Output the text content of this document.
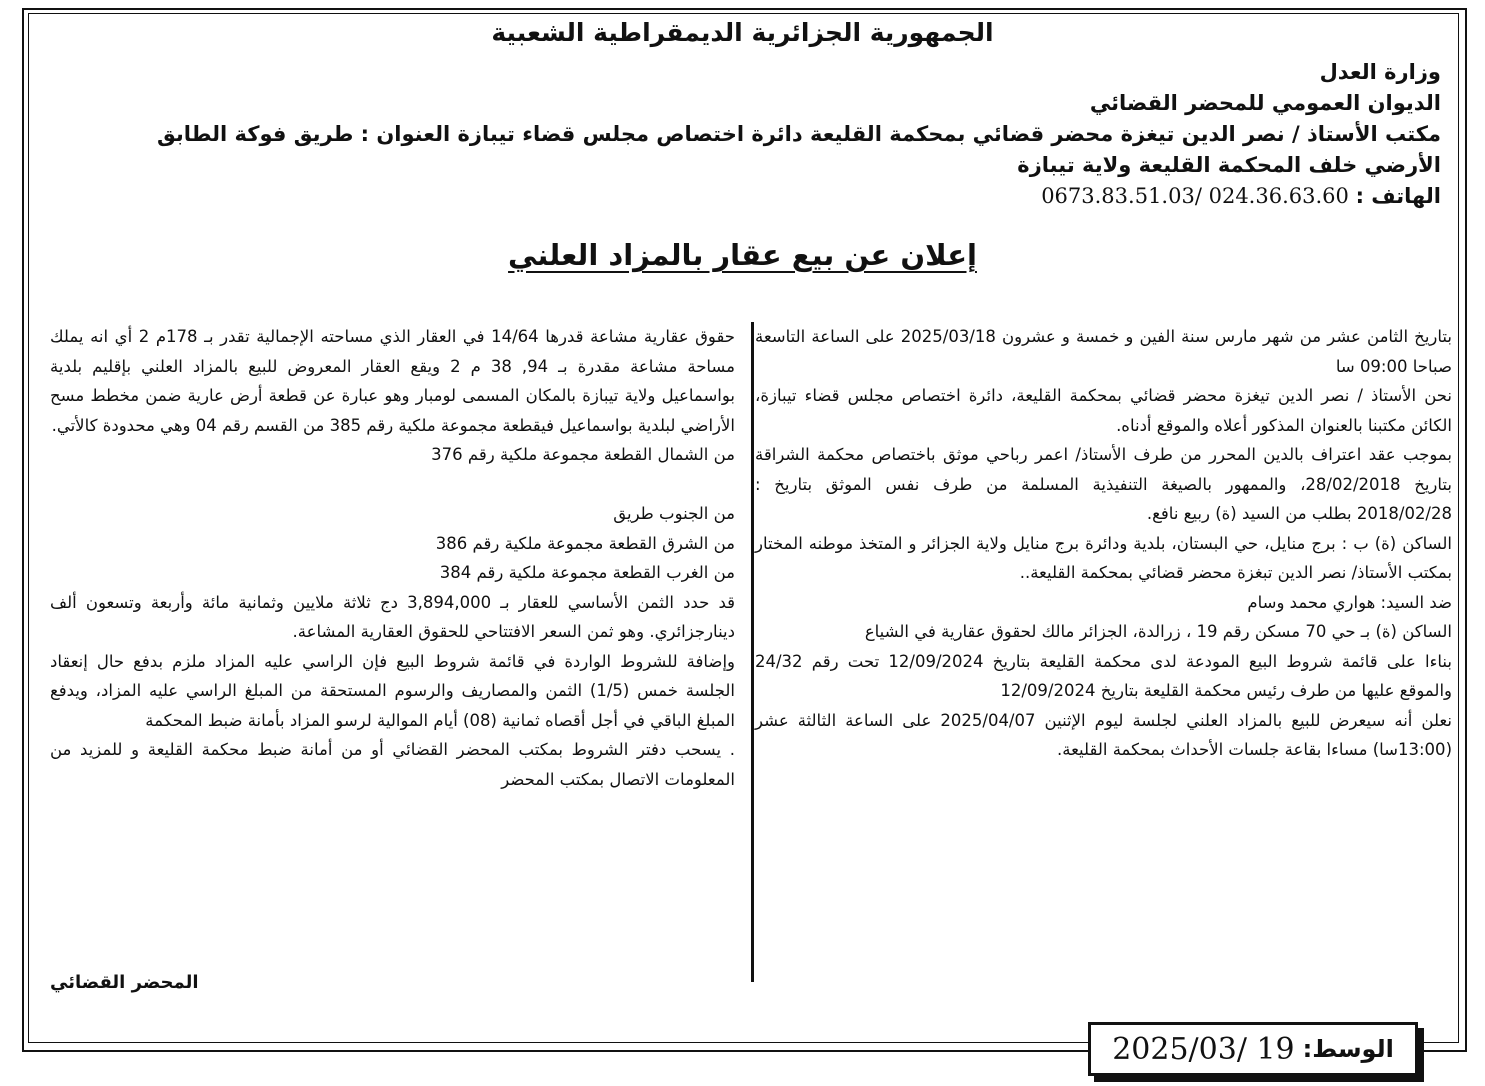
الجمهورية الجزائرية الديمقراطية الشعبية

وزارة العدل

الديوان العمومي للمحضر القضائي

مكتب الأستاذ / نصر الدين تيغزة محضر قضائي بمحكمة القليعة دائرة اختصاص مجلس قضاء تيبازة العنوان : طريق فوكة الطابق

الأرضي خلف المحكمة القليعة ولاية تيبازة

الهاتف : 024.36.63.60 /0673.83.51.03
إعلان عن بيع عقار بالمزاد العلني

بتاريخ الثامن عشر من شهر مارس سنة الفين و خمسة و عشرون 2025/03/18 على الساعة التاسعة صباحا 09:00 سا

نحن الأستاذ / نصر الدين تيغزة محضر قضائي بمحكمة القليعة، دائرة اختصاص مجلس قضاء تيبازة، الكائن مكتبنا بالعنوان المذكور أعلاه والموقع أدناه.

بموجب عقد اعتراف بالدين المحرر من طرف الأستاذ/ اعمر رباحي موثق باختصاص محكمة الشراقة بتاريخ 28/02/2018، والممهور بالصيغة التنفيذية المسلمة من طرف نفس الموثق بتاريخ : 2018/02/28 بطلب من السيد (ة) ربيع نافع.

الساكن (ة) ب : برج منايل، حي البستان، بلدية ودائرة برج منايل ولاية الجزائر و المتخذ موطنه المختار بمكتب الأستاذ/ نصر الدين تبغزة محضر قضائي بمحكمة القليعة..

ضد السيد: هواري محمد وسام

الساكن (ة) بـ حي 70 مسكن رقم 19 ، زرالدة، الجزائر مالك لحقوق عقارية في الشياع

بناءا على قائمة شروط البيع المودعة لدى محكمة القليعة بتاريخ 12/09/2024 تحت رقم 24/32 والموقع عليها من طرف رئيس محكمة القليعة بتاريخ 12/09/2024

نعلن أنه سيعرض للبيع بالمزاد العلني لجلسة ليوم الإثنين 2025/04/07 على الساعة الثالثة عشر (13:00سا) مساءا بقاعة جلسات الأحداث بمحكمة القليعة.

حقوق عقارية مشاعة قدرها 14/64 في العقار الذي مساحته الإجمالية تقدر بـ 178م 2 أي انه يملك مساحة مشاعة مقدرة بـ 94, 38 م 2 ويقع العقار المعروض للبيع بالمزاد العلني بإقليم بلدية بواسماعيل ولاية تيبازة بالمكان المسمى لومبار وهو عبارة عن قطعة أرض عارية ضمن مخطط مسح الأراضي لبلدية بواسماعيل فيقطعة مجموعة ملكية رقم 385 من القسم رقم 04 وهي محدودة كالأتي.

من الشمال القطعة مجموعة ملكية رقم 376

من الجنوب طريق

من الشرق القطعة مجموعة ملكية رقم 386

من الغرب القطعة مجموعة ملكية رقم 384

قد حدد الثمن الأساسي للعقار بـ 3,894,000 دج ثلاثة ملايين وثمانية مائة وأربعة وتسعون ألف دينارجزائري. وهو ثمن السعر الافتتاحي للحقوق العقارية المشاعة.

وإضافة للشروط الواردة في قائمة شروط البيع فإن الراسي عليه المزاد ملزم بدفع حال إنعقاد الجلسة خمس (1/5) الثمن والمصاريف والرسوم المستحقة من المبلغ الراسي عليه المزاد، ويدفع المبلغ الباقي في أجل أقصاه ثمانية (08) أيام الموالية لرسو المزاد بأمانة ضبط المحكمة

. يسحب دفتر الشروط بمكتب المحضر القضائي أو من أمانة ضبط محكمة القليعة و للمزيد من المعلومات الاتصال بمكتب المحضر

المحضر القضائي
الوسط:
2025/03/ 19
